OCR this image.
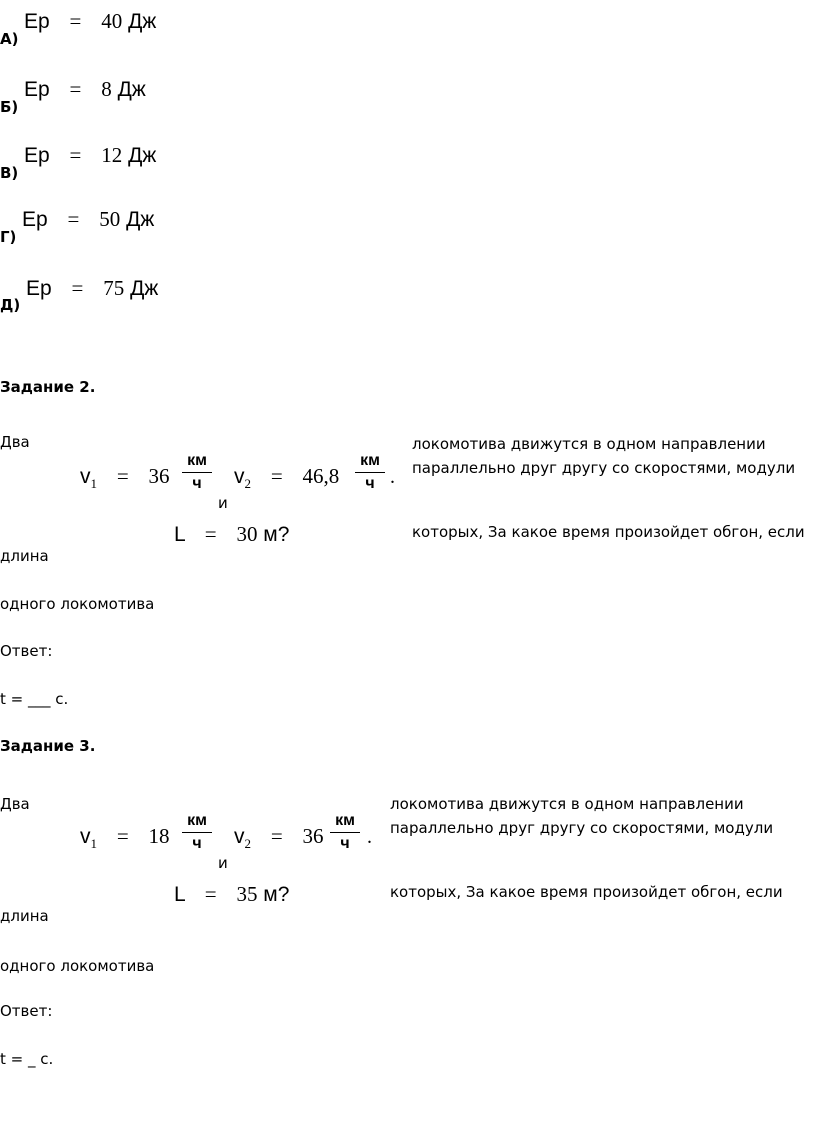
А)
Ep = 40 Дж
Б)
Ep = 8 Дж
В)
Ep = 12 Дж
Г)
Ep = 50 Дж
Д)
Ep = 75 Дж
Задание 2.
Два
$v_1 = 36$
км
ч
и
$v_2 = 46,8$
км
ч .
локомотива движутся в одном направлении
параллельно друг другу со скоростями, модули
L = 30 м?	которых, За какое время произойдет обгон, если
длина
одного локомотива
Ответ:
t = ___ с.
Задание 3.
Два
$v_1 = 18$
км
ч
и
$v_2 = 36$
км
ч .
локомотива движутся в одном направлении
параллельно друг другу со скоростями, модули
L = 35 м?	которых, За какое время произойдет обгон, если
длина
одного локомотива
Ответ:
t = _ с.
